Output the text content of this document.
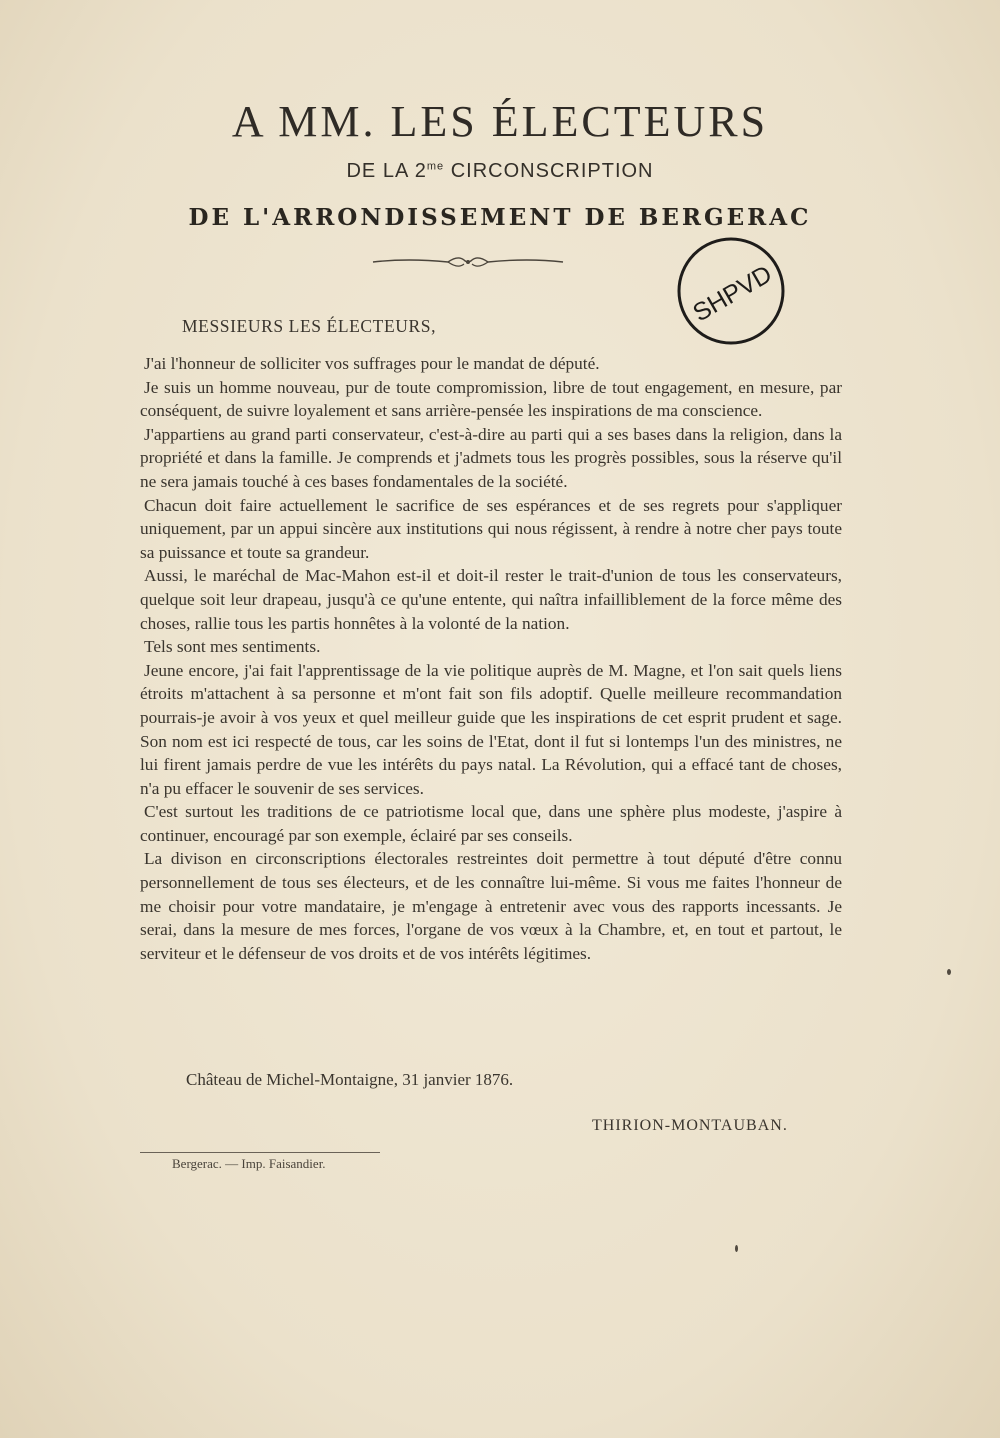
A MM. LES ÉLECTEURS
DE LA $2^{me}$ CIRCONSCRIPTION
DE L'ARRONDISSEMENT DE BERGERAC
SHPVD
MESSIEURS LES ÉLECTEURS,

J'ai l'honneur de solliciter vos suffrages pour le mandat de député.

Je suis un homme nouveau, pur de toute compromission, libre de tout engagement, en mesure, par conséquent, de suivre loyalement et sans arrière-pensée les inspirations de ma conscience.

J'appartiens au grand parti conservateur, c'est-à-dire au parti qui a ses bases dans la religion, dans la propriété et dans la famille. Je comprends et j'admets tous les progrès possibles, sous la réserve qu'il ne sera jamais touché à ces bases fondamentales de la société.

Chacun doit faire actuellement le sacrifice de ses espérances et de ses regrets pour s'appliquer uniquement, par un appui sincère aux institutions qui nous régissent, à rendre à notre cher pays toute sa puissance et toute sa grandeur.

Aussi, le maréchal de Mac-Mahon est-il et doit-il rester le trait-d'union de tous les conservateurs, quelque soit leur drapeau, jusqu'à ce qu'une entente, qui naîtra infailliblement de la force même des choses, rallie tous les partis honnêtes à la volonté de la nation.

Tels sont mes sentiments.

Jeune encore, j'ai fait l'apprentissage de la vie politique auprès de M. Magne, et l'on sait quels liens étroits m'attachent à sa personne et m'ont fait son fils adoptif. Quelle meilleure recommandation pourrais-je avoir à vos yeux et quel meilleur guide que les inspirations de cet esprit prudent et sage. Son nom est ici respecté de tous, car les soins de l'Etat, dont il fut si lontemps l'un des ministres, ne lui firent jamais perdre de vue les intérêts du pays natal. La Révolution, qui a effacé tant de choses, n'a pu effacer le souvenir de ses services.

C'est surtout les traditions de ce patriotisme local que, dans une sphère plus modeste, j'aspire à continuer, encouragé par son exemple, éclairé par ses conseils.

La divison en circonscriptions électorales restreintes doit permettre à tout député d'être connu personnellement de tous ses électeurs, et de les connaître lui-même. Si vous me faites l'honneur de me choisir pour votre mandataire, je m'engage à entretenir avec vous des rapports incessants. Je serai, dans la mesure de mes forces, l'organe de vos vœux à la Chambre, et, en tout et partout, le serviteur et le défenseur de vos droits et de vos intérêts légitimes.

Château de Michel-Montaigne, 31 janvier 1876.
THIRION-MONTAUBAN.
Bergerac. — Imp. Faisandier.
